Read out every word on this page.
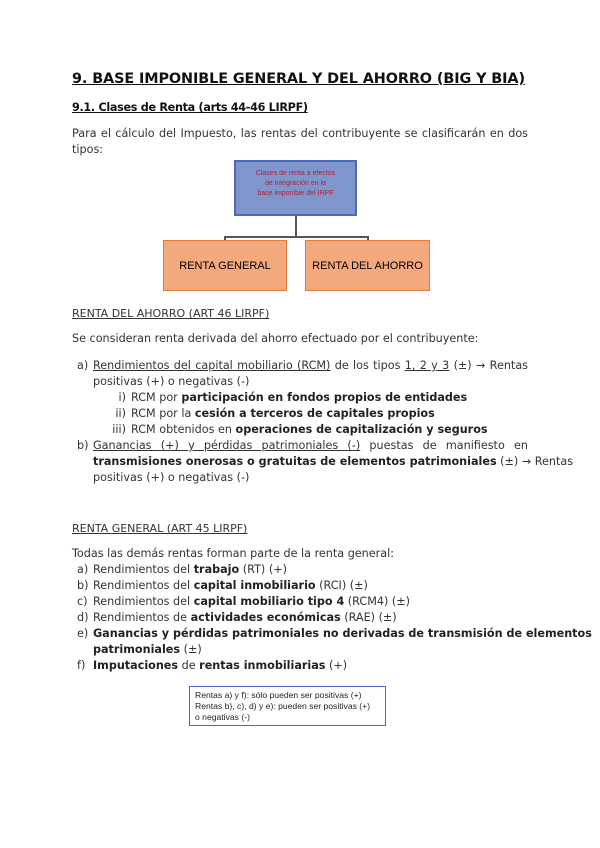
9. BASE IMPONIBLE GENERAL Y DEL AHORRO (BIG Y BIA)
9.1. Clases de Renta (arts 44-46 LIRPF)
Para el cálculo del Impuesto, las rentas del contribuyente se clasificarán en dos
tipos:
Clases de renta a efectos
de integración en la
base imponible del IRPF
RENTA GENERAL	RENTA DEL AHORRO
RENTA DEL AHORRO (ART 46 LIRPF)
Se consideran renta derivada del ahorro efectuado por el contribuyente:
a) Rendimientos del capital mobiliario (RCM) de los tipos 1, 2 y 3 (±) → Rentas
positivas (+) o negativas (-)
i) RCM por participación en fondos propios de entidades
ii) RCM por la cesión a terceros de capitales propios
iii) RCM obtenidos en operaciones de capitalización y seguros
b) Ganancias (+) y pérdidas patrimoniales (-) puestas de manifiesto en
transmisiones onerosas o gratuitas de elementos patrimoniales (±) → Rentas
positivas (+) o negativas (-)
RENTA GENERAL (ART 45 LIRPF)
Todas las demás rentas forman parte de la renta general:
a) Rendimientos del trabajo (RT) (+)
b) Rendimientos del capital inmobiliario (RCI) (±)
c) Rendimientos del capital mobiliario tipo 4 (RCM4) (±)
d) Rendimientos de actividades económicas (RAE) (±)
e) Ganancias y pérdidas patrimoniales no derivadas de transmisión de elementos
patrimoniales (±)
f) Imputaciones de rentas inmobiliarias (+)
Rentas a) y f): sólo pueden ser positivas (+)
Rentas b), c), d) y e): pueden ser positivas (+)
o negativas (-)
